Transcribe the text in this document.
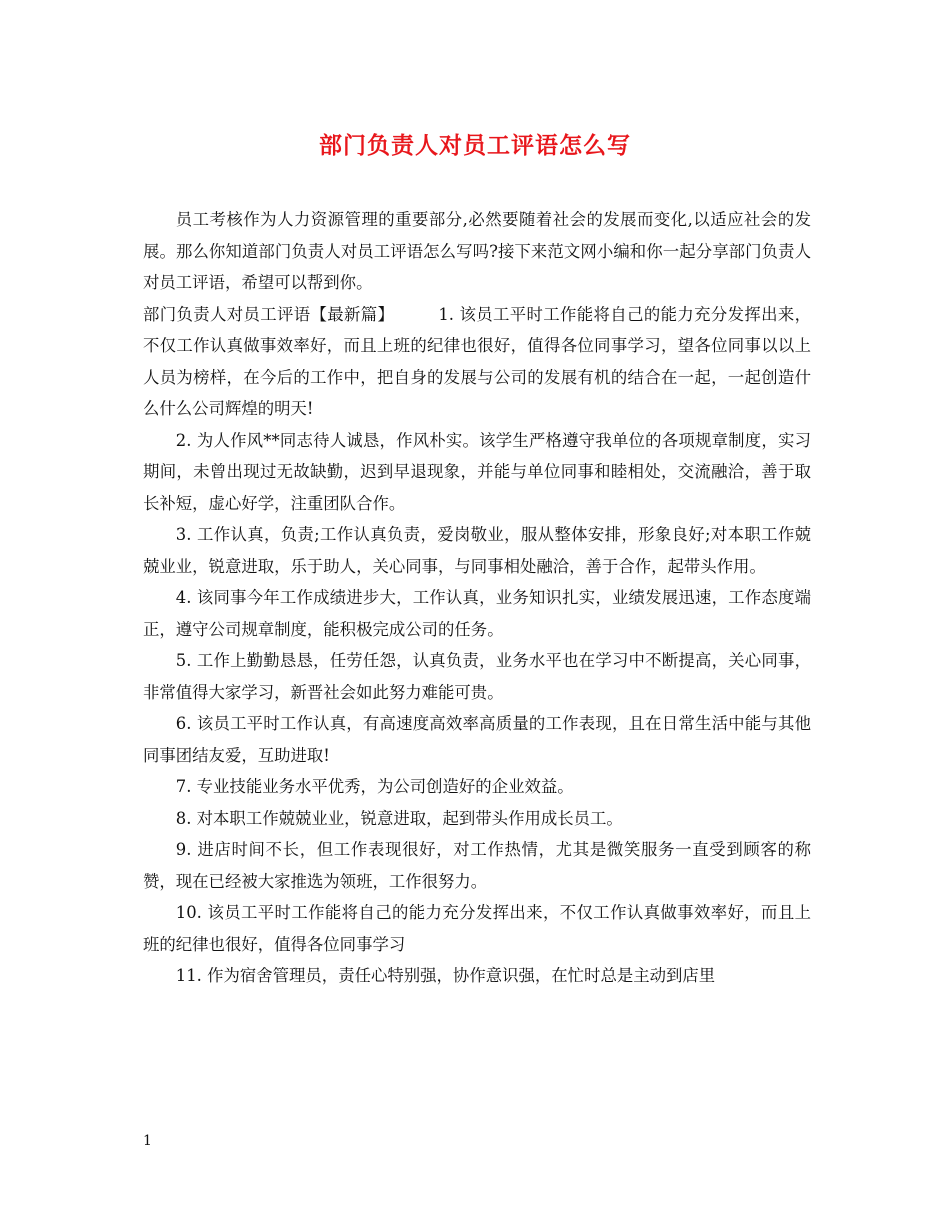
部门负责人对员工评语怎么写

员工考核作为人力资源管理的重要部分,必然要随着社会的发展而变化,以适应社会的发展。那么你知道部门负责人对员工评语怎么写吗?接下来范文网小编和你一起分享部门负责人对员工评语，希望可以帮到你。

部门负责人对员工评语【最新篇】	1. 该员工平时工作能将自己的能力充分发挥出来，不仅工作认真做事效率好，而且上班的纪律也很好，值得各位同事学习，望各位同事以以上人员为榜样，在今后的工作中，把自身的发展与公司的发展有机的结合在一起，一起创造什么什么公司辉煌的明天!

2. 为人作风**同志待人诚恳，作风朴实。该学生严格遵守我单位的各项规章制度，实习期间，未曾出现过无故缺勤，迟到早退现象，并能与单位同事和睦相处，交流融洽，善于取长补短，虚心好学，注重团队合作。

3. 工作认真，负责;工作认真负责，爱岗敬业，服从整体安排，形象良好;对本职工作兢兢业业，锐意进取，乐于助人，关心同事，与同事相处融洽，善于合作，起带头作用。

4. 该同事今年工作成绩进步大，工作认真，业务知识扎实，业绩发展迅速，工作态度端正，遵守公司规章制度，能积极完成公司的任务。

5. 工作上勤勤恳恳，任劳任怨，认真负责，业务水平也在学习中不断提高，关心同事，非常值得大家学习，新晋社会如此努力难能可贵。

6. 该员工平时工作认真，有高速度高效率高质量的工作表现，且在日常生活中能与其他同事团结友爱，互助进取!

7. 专业技能业务水平优秀，为公司创造好的企业效益。

8. 对本职工作兢兢业业，锐意进取，起到带头作用成长员工。

9. 进店时间不长，但工作表现很好，对工作热情，尤其是微笑服务一直受到顾客的称赞，现在已经被大家推选为领班，工作很努力。

10. 该员工平时工作能将自己的能力充分发挥出来，不仅工作认真做事效率好，而且上班的纪律也很好，值得各位同事学习

11. 作为宿舍管理员，责任心特别强，协作意识强，在忙时总是主动到店里

1
